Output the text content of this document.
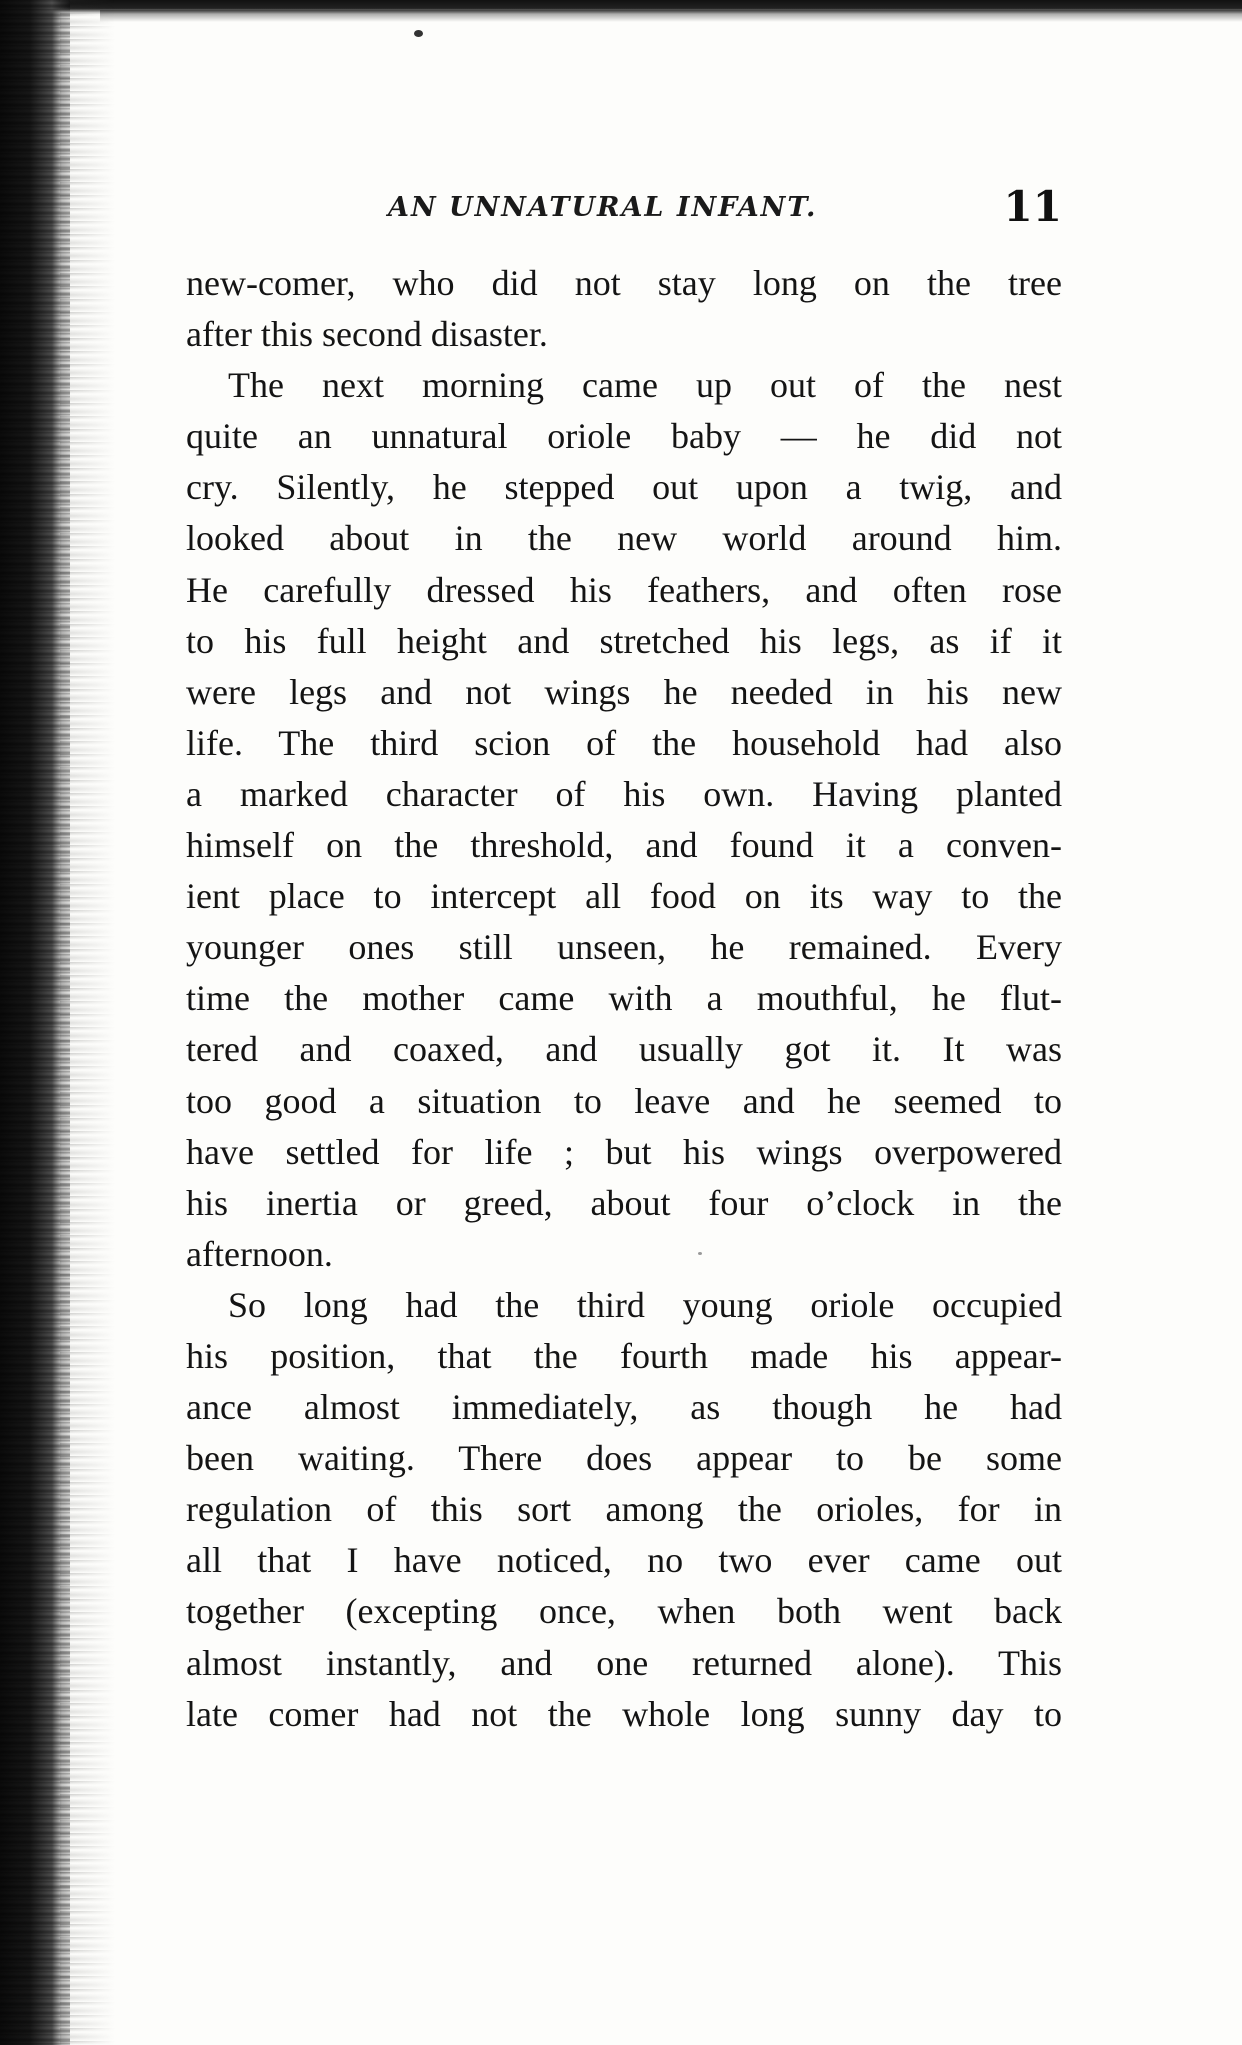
AN UNNATURAL INFANT.	11
new-comer, who did not stay long on the tree
after this second disaster.
The next morning came up out of the nest
quite an unnatural oriole baby — he did not
cry. Silently, he stepped out upon a twig, and
looked about in the new world around him.
He carefully dressed his feathers, and often rose
to his full height and stretched his legs, as if it
were legs and not wings he needed in his new
life. The third scion of the household had also
a marked character of his own. Having planted
himself on the threshold, and found it a conven-
ient place to intercept all food on its way to the
younger ones still unseen, he remained. Every
time the mother came with a mouthful, he flut-
tered and coaxed, and usually got it. It was
too good a situation to leave and he seemed to
have settled for life ; but his wings overpowered
his inertia or greed, about four o’clock in the
afternoon.
So long had the third young oriole occupied
his position, that the fourth made his appear-
ance almost immediately, as though he had
been waiting. There does appear to be some
regulation of this sort among the orioles, for in
all that I have noticed, no two ever came out
together (excepting once, when both went back
almost instantly, and one returned alone). This
late comer had not the whole long sunny day to
